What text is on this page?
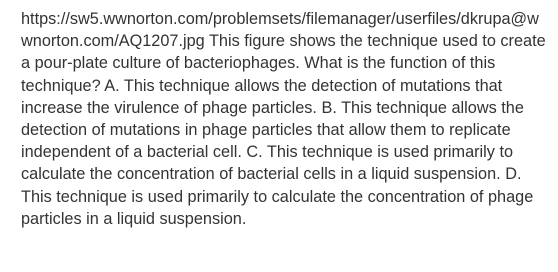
https://sw5.wwnorton.com/problemsets/filemanager/userfiles/dkrupa@wwnorton.com/AQ1207.jpg This figure shows the technique used to create a pour-plate culture of bacteriophages. What is the function of this technique? A. This technique allows the detection of mutations that increase the virulence of phage particles. B. This technique allows the detection of mutations in phage particles that allow them to replicate independent of a bacterial cell. C. This technique is used primarily to calculate the concentration of bacterial cells in a liquid suspension. D. This technique is used primarily to calculate the concentration of phage particles in a liquid suspension.
